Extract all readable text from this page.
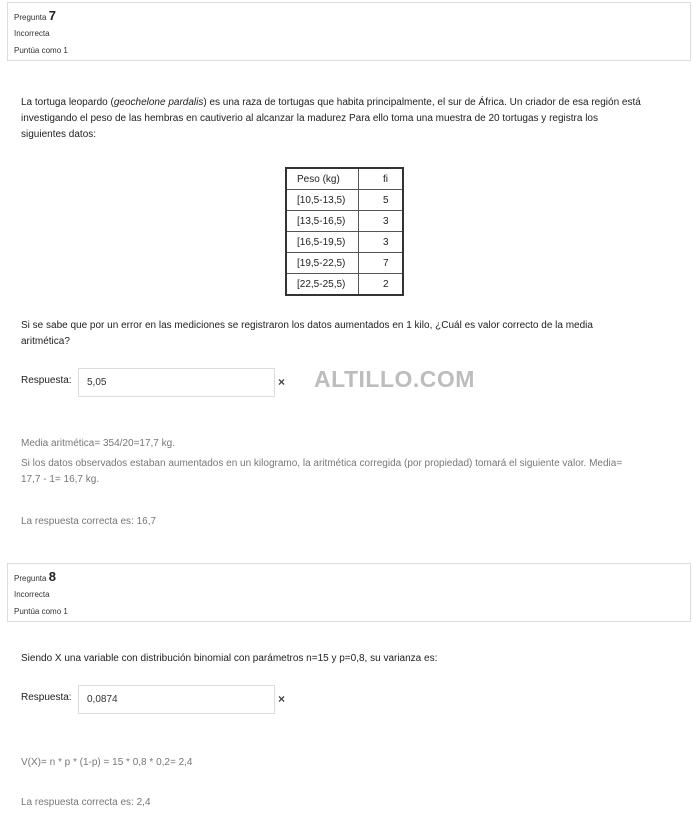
Pregunta 7
Incorrecta
Puntúa como 1
La tortuga leopardo (geochelone pardalis) es una raza de tortugas que habita principalmente, el sur de África. Un criador de esa región está
investigando el peso de las hembras en cautiverio al alcanzar la madurez Para ello toma una muestra de 20 tortugas y registra los
siguientes datos:
Peso (kg)	fi
[10,5-13,5)	5
[13,5-16,5)	3
[16,5-19,5)	3
[19,5-22,5)	7
[22,5-25,5)	2
Si se sabe que por un error en las mediciones se registraron los datos aumentados en 1 kilo, ¿Cuál es valor correcto de la media
aritmética?
Respuesta:
5,05	× ALTILLO.COM
Media aritmética= 354/20=17,7 kg.
Si los datos observados estaban aumentados en un kilogramo, la aritmética corregida (por propiedad) tomará el siguiente valor. Media=
17,7 - 1= 16,7 kg.
La respuesta correcta es: 16,7
Pregunta 8
Incorrecta
Puntúa como 1
Siendo X una variable con distribución binomial con parámetros n=15 y p=0,8, su varianza es:
Respuesta:
0,0874	×
V(X)= n * p * (1-p) = 15 * 0,8 * 0,2= 2,4
La respuesta correcta es: 2,4
